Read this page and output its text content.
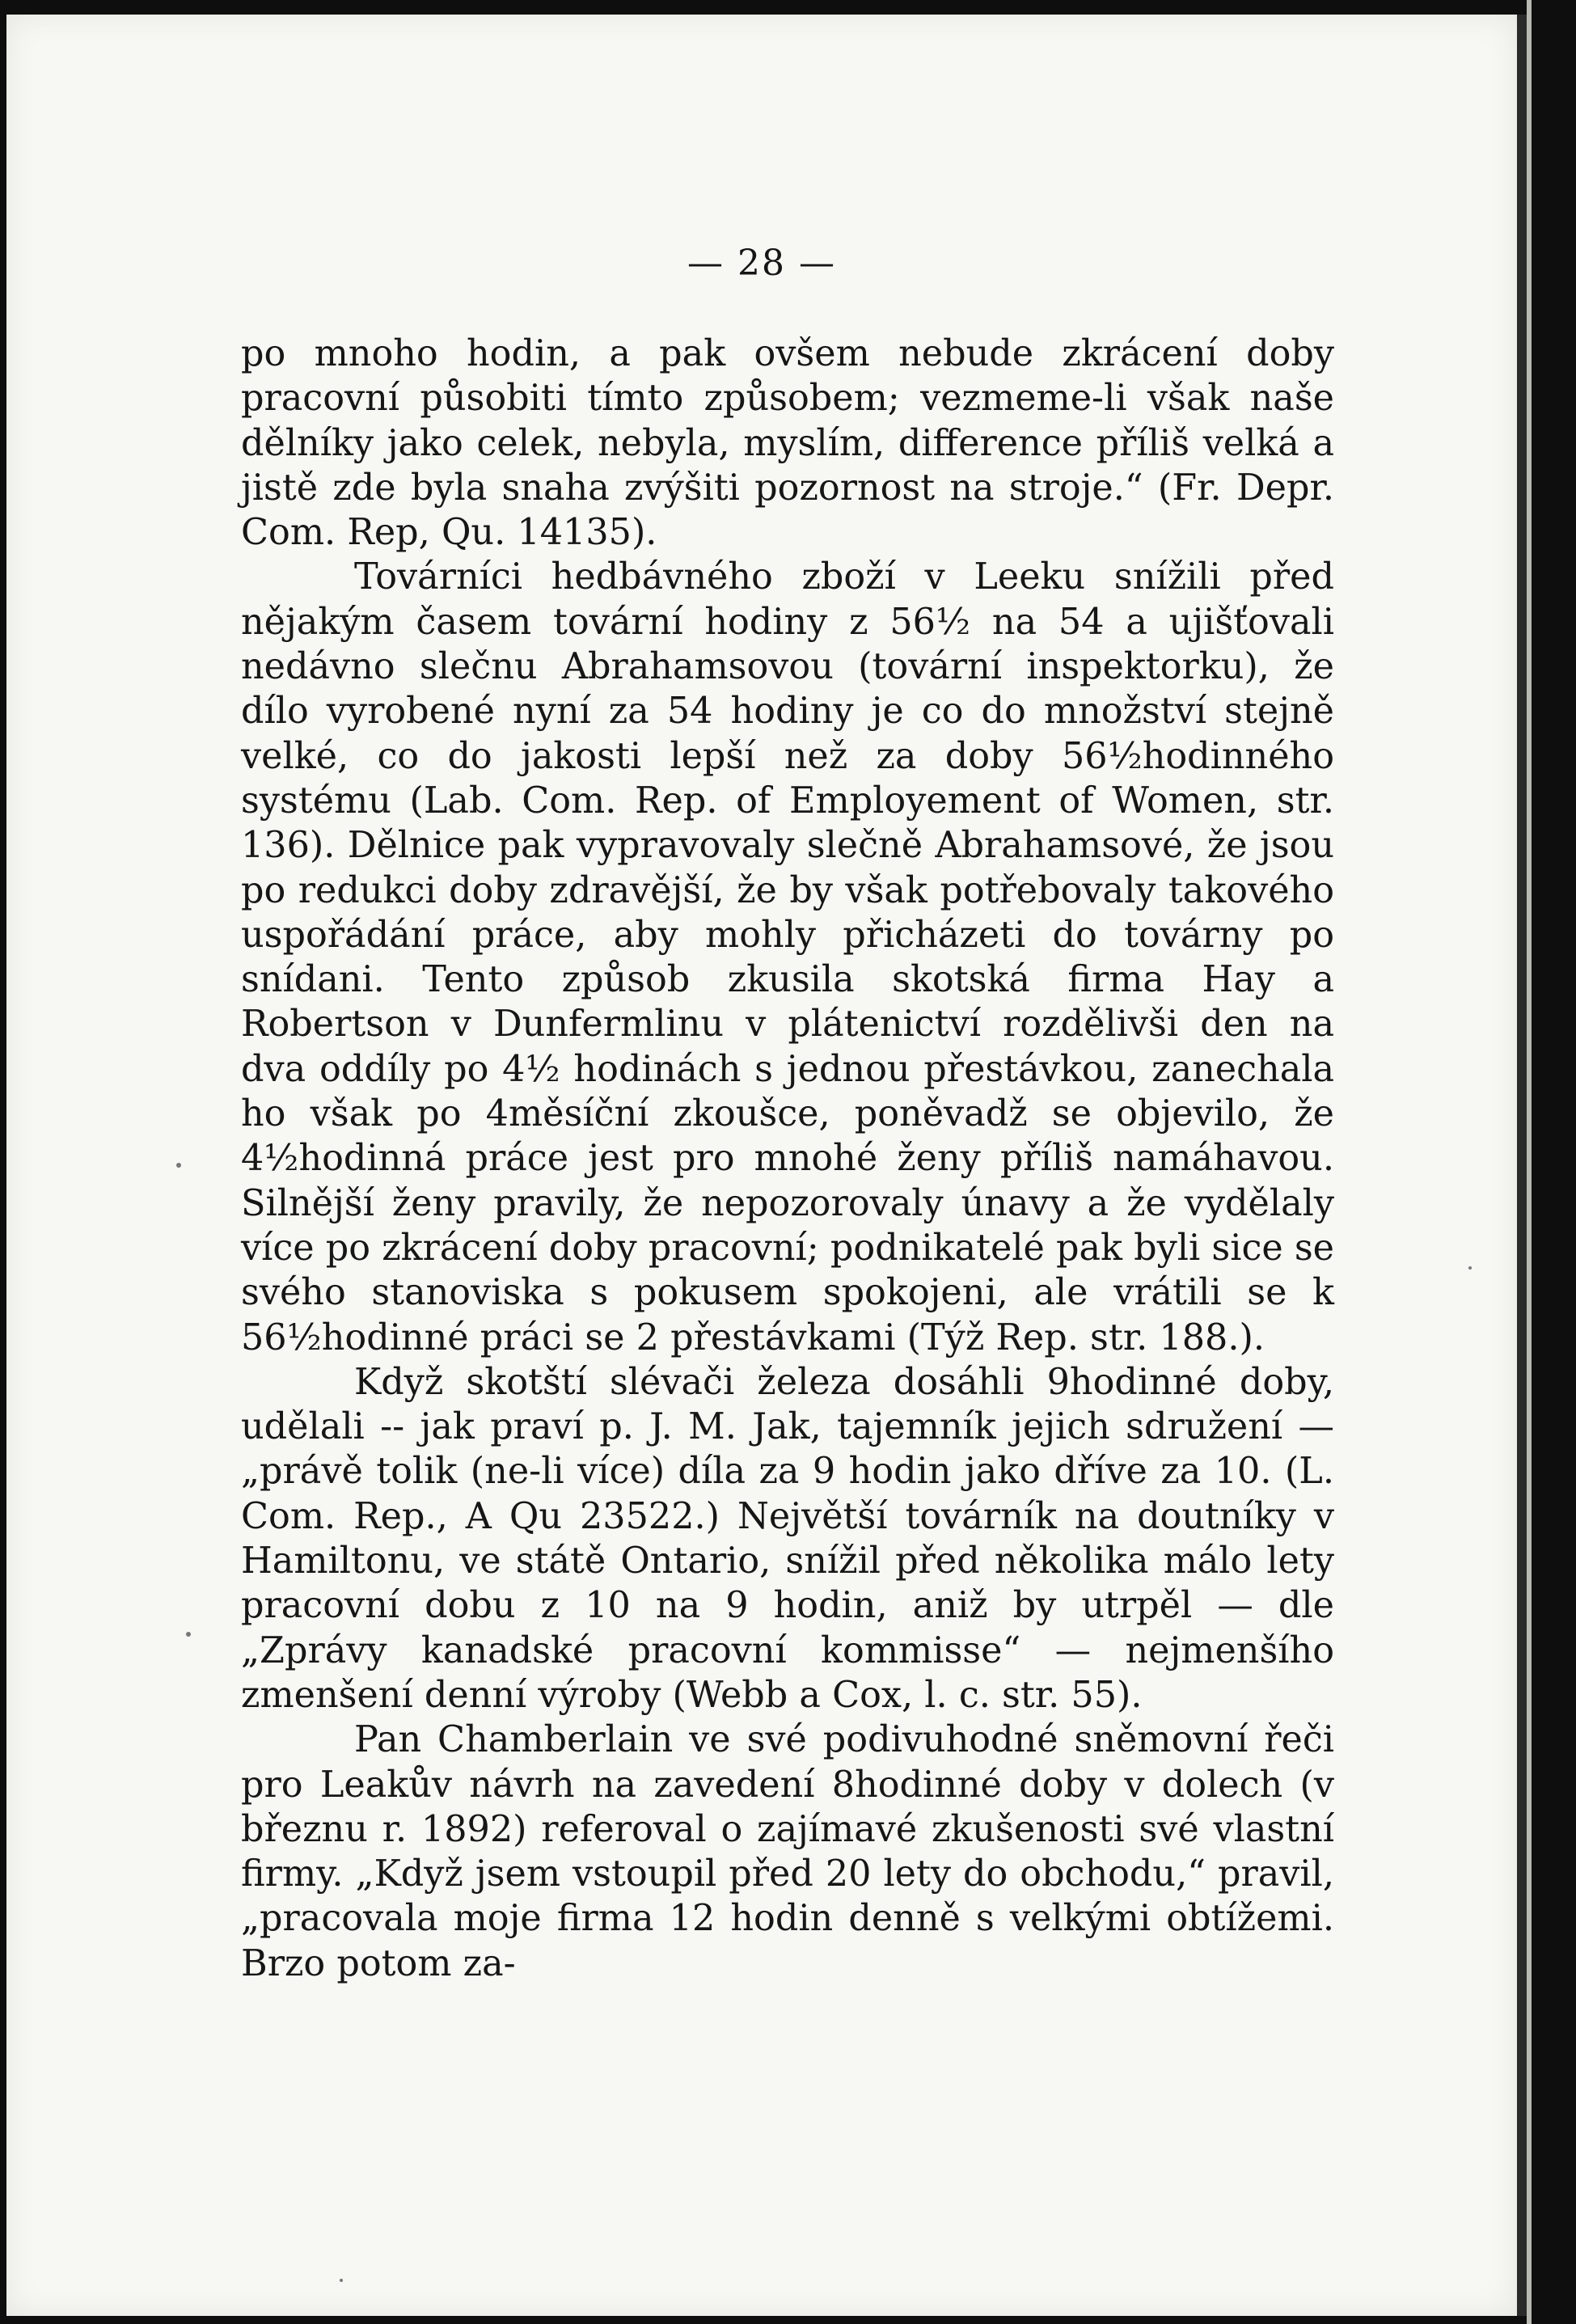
— 28 —

po mnoho hodin, a pak ovšem nebude zkrácení doby pracovní působiti tímto způsobem; vezmeme-li však naše dělníky jako celek, nebyla, myslím, difference příliš velká a jistě zde byla snaha zvýšiti pozornost na stroje.“ (Fr. Depr. Com. Rep, Qu. 14135).

Továrníci hedbávného zboží v Leeku snížili před nějakým časem tovární hodiny z 56½ na 54 a ujišťovali nedávno slečnu Abrahamsovou (tovární inspektorku), že dílo vyrobené nyní za 54 hodiny je co do množství stejně velké, co do jakosti lepší než za doby 56½hodinného systému (Lab. Com. Rep. of Employement of Women, str. 136). Dělnice pak vypravovaly slečně Abrahamsové, že jsou po redukci doby zdravější, že by však potřebovaly takového uspořádání práce, aby mohly přicházeti do továrny po snídani. Tento způsob zkusila skotská firma Hay a Robertson v Dunfermlinu v plátenictví rozdělivši den na dva oddíly po 4½ hodinách s jednou přestávkou, zanechala ho však po 4měsíční zkoušce, poněvadž se objevilo, že 4½hodinná práce jest pro mnohé ženy příliš namáhavou. Silnější ženy pravily, že nepozorovaly únavy a že vydělaly více po zkrácení doby pracovní; podnikatelé pak byli sice se svého stanoviska s pokusem spokojeni, ale vrátili se k 56½hodinné práci se 2 přestávkami (Týž Rep. str. 188.).

Když skotští slévači železa dosáhli 9hodinné doby, udělali -- jak praví p. J. M. Jak, tajemník jejich sdružení — „právě tolik (ne-li více) díla za 9 hodin jako dříve za 10. (L. Com. Rep., A Qu 23522.) Největší továrník na doutníky v Hamiltonu, ve státě Ontario, snížil před několika málo lety pracovní dobu z 10 na 9 hodin, aniž by utrpěl — dle „Zprávy kanadské pracovní kommisse“ — nejmenšího zmenšení denní výroby (Webb a Cox, l. c. str. 55).

Pan Chamberlain ve své podivuhodné sněmovní řeči pro Leakův návrh na zavedení 8hodinné doby v dolech (v březnu r. 1892) referoval o zajímavé zkušenosti své vlastní firmy. „Když jsem vstoupil před 20 lety do obchodu,“ pravil, „pracovala moje firma 12 hodin denně s velkými obtížemi. Brzo potom za-
